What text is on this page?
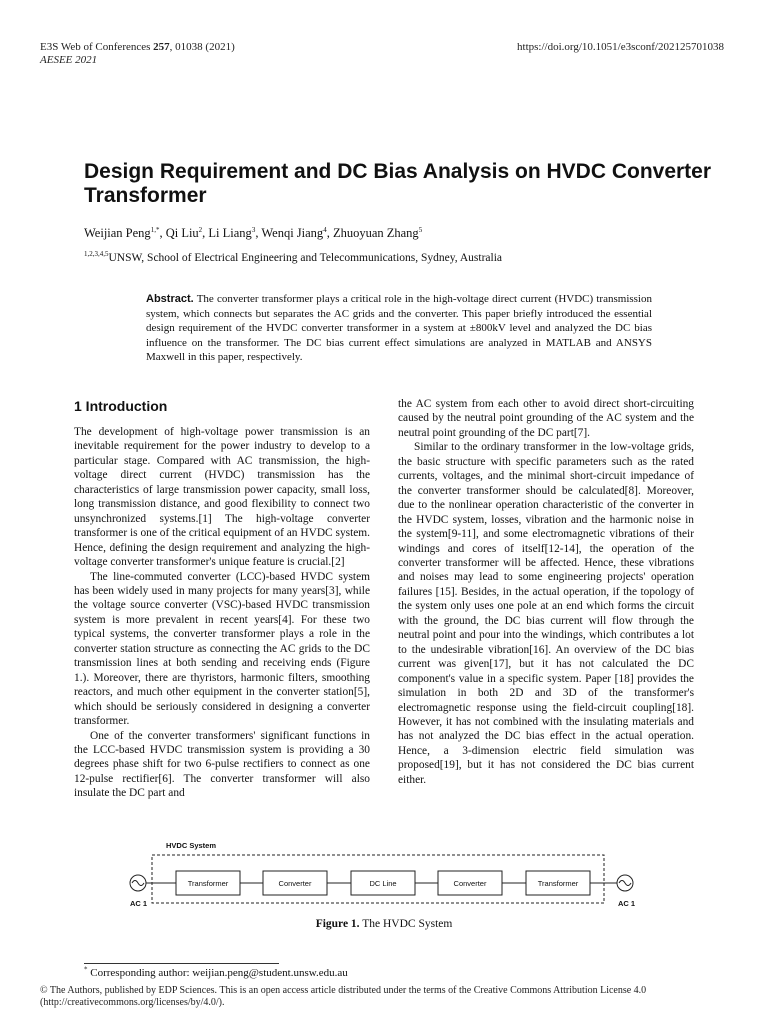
E3S Web of Conferences 257, 01038 (2021)
AESEE 2021
https://doi.org/10.1051/e3sconf/202125701038
Design Requirement and DC Bias Analysis on HVDC Converter Transformer
Weijian Peng$^{1,*}$, Qi Liu$^2$, Li Liang$^3$, Wenqi Jiang$^4$, Zhuoyuan Zhang$^5$
$^{1,2,3,4,5}$UNSW, School of Electrical Engineering and Telecommunications, Sydney, Australia
Abstract. The converter transformer plays a critical role in the high-voltage direct current (HVDC) transmission system, which connects but separates the AC grids and the converter. This paper briefly introduced the essential design requirement of the HVDC converter transformer in a system at ±800kV level and analyzed the DC bias influence on the transformer. The DC bias current effect simulations are analyzed in MATLAB and ANSYS Maxwell in this paper, respectively.
1 Introduction

The development of high-voltage power transmission is an inevitable requirement for the power industry to develop to a particular stage. Compared with AC transmission, the high-voltage direct current (HVDC) transmission has the characteristics of large transmission power capacity, small loss, long transmission distance, and good flexibility to connect two unsynchronized systems.[1] The high-voltage converter transformer is one of the critical equipment of an HVDC system. Hence, defining the design requirement and analyzing the high-voltage converter transformer's unique feature is crucial.[2]

The line-commuted converter (LCC)-based HVDC system has been widely used in many projects for many years[3], while the voltage source converter (VSC)-based HVDC transmission system is more prevalent in recent years[4]. For these two typical systems, the converter transformer plays a role in the converter station structure as connecting the AC grids to the DC transmission lines at both sending and receiving ends (Figure 1.). Moreover, there are thyristors, harmonic filters, smoothing reactors, and much other equipment in the converter station[5], which should be seriously considered in designing a converter transformer.

One of the converter transformers' significant functions in the LCC-based HVDC transmission system is providing a 30 degrees phase shift for two 6-pulse rectifiers to connect as one 12-pulse rectifier[6]. The converter transformer will also insulate the DC part and

the AC system from each other to avoid direct short-circuiting caused by the neutral point grounding of the AC system and the neutral point grounding of the DC part[7].

Similar to the ordinary transformer in the low-voltage grids, the basic structure with specific parameters such as the rated currents, voltages, and the minimal short-circuit impedance of the converter transformer should be calculated[8]. Moreover, due to the nonlinear operation characteristic of the converter in the HVDC system, losses, vibration and the harmonic noise in the system[9-11], and some electromagnetic vibrations of their windings and cores of itself[12-14], the operation of the converter transformer will be affected. Hence, these vibrations and noises may lead to some engineering projects' operation failures [15]. Besides, in the actual operation, if the topology of the system only uses one pole at an end which forms the circuit with the ground, the DC bias current will flow through the neutral point and pour into the windings, which contributes a lot to the undesirable vibration[16]. An overview of the DC bias current was given[17], but it has not calculated the DC component's value in a specific system. Paper [18] provides the simulation in both 2D and 3D of the transformer's electromagnetic response using the field-circuit coupling[18]. However, it has not combined with the insulating materials and has not analyzed the DC bias effect in the actual operation. Hence, a 3-dimension electric field simulation was proposed[19], but it has not considered the DC bias current either.

HVDC System
Transformer	Converter	DC Line	Converter	Transformer
AC 1	AC 1
Figure 1. The HVDC System
* Corresponding author: weijian.peng@student.unsw.edu.au
© The Authors, published by EDP Sciences. This is an open access article distributed under the terms of the Creative Commons Attribution License 4.0 (http://creativecommons.org/licenses/by/4.0/).
